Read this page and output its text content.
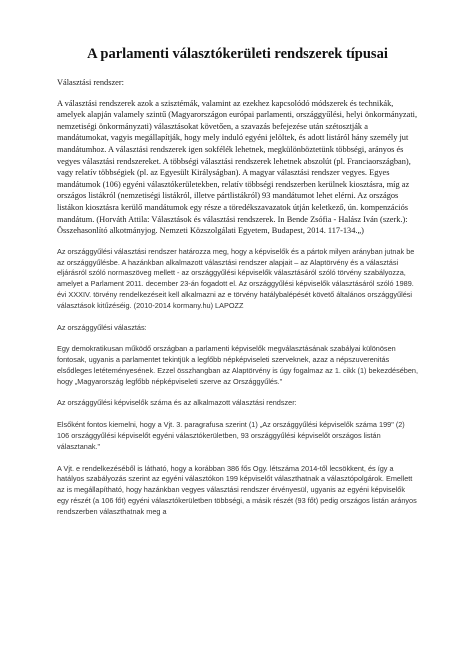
A parlamenti választókerületi rendszerek típusai

Választási rendszer:

A választási rendszerek azok a szisztémák, valamint az ezekhez kapcsolódó módszerek és technikák, amelyek alapján valamely szintű (Magyarországon európai parlamenti, országgyűlési, helyi önkormányzati, nemzetiségi önkormányzati) választásokat követően, a szavazás befejezése után szétosztják a mandátumokat, vagyis megállapítják, hogy mely induló egyéni jelöltek, és adott listáról hány személy jut mandátumhoz. A választási rendszerek igen sokfélék lehetnek, megkülönböztetünk többségi, arányos és vegyes választási rendszereket. A többségi választási rendszerek lehetnek abszolút (pl. Franciaországban), vagy relatív többségiek (pl. az Egyesült Királyságban). A magyar választási rendszer vegyes. Egyes mandátumok (106) egyéni választókerületekben, relatív többségi rendszerben kerülnek kiosztásra, míg az országos listákról (nemzetiségi listákról, illetve pártlistákról) 93 mandátumot lehet elérni. Az országos listákon kiosztásra kerülő mandátumok egy része a töredékszavazatok útján keletkező, ún. kompenzációs mandátum. (Horváth Attila: Választások és választási rendszerek. In Bende Zsófia - Halász Iván (szerk.): Összehasonlító alkotmányjog. Nemzeti Közszolgálati Egyetem, Budapest, 2014. 117-134.„)

Az országgyűlési választási rendszer határozza meg, hogy a képviselők és a pártok milyen arányban jutnak be az országgyűlésbe. A hazánkban alkalmazott választási rendszer alapjait – az Alaptörvény és a választási eljárásról szóló normaszöveg mellett - az országgyűlési képviselők választásáról szóló törvény szabályozza, amelyet a Parlament 2011. december 23-án fogadott el. Az országgyűlési képviselők választásáról szóló 1989. évi XXXIV. törvény rendelkezéseit kell alkalmazni az e törvény hatálybalépését követő általános országgyűlési választások kitűzéséig. (2010-2014 kormany.hu) LAPOZZ

Az országgyűlési választás:

Egy demokratikusan működő országban a parlamenti képviselők megválasztásának szabályai különösen fontosak, ugyanis a parlamentet tekintjük a legfőbb népképviseleti szerveknek, azaz a népszuverenitás elsődleges letéteményesének. Ezzel összhangban az Alaptörvény is úgy fogalmaz az 1. cikk (1) bekezdésében, hogy „Magyarország legfőbb népképviseleti szerve az Országgyűlés."

Az országgyűlési képviselők száma és az alkalmazott választási rendszer:

Elsőként fontos kiemelni, hogy a Vjt. 3. paragrafusa szerint (1) „Az országgyűlési képviselők száma 199" (2) 106 országgyűlési képviselőt egyéni választókerületben, 93 országgyűlési képviselőt országos listán választanak."

A Vjt. e rendelkezéséből is látható, hogy a korábban 386 fős Ogy. létszáma 2014-től lecsökkent, és így a hatályos szabályozás szerint az egyéni választókon 199 képviselőt választhatnak a választópolgárok. Emellett az is megállapítható, hogy hazánkban vegyes választási rendszer érvényesül, ugyanis az egyéni képviselők egy részét (a 106 főt) egyéni választókerületben többségi, a másik részét (93 főt) pedig országos listán arányos rendszerben választhatnak meg a
